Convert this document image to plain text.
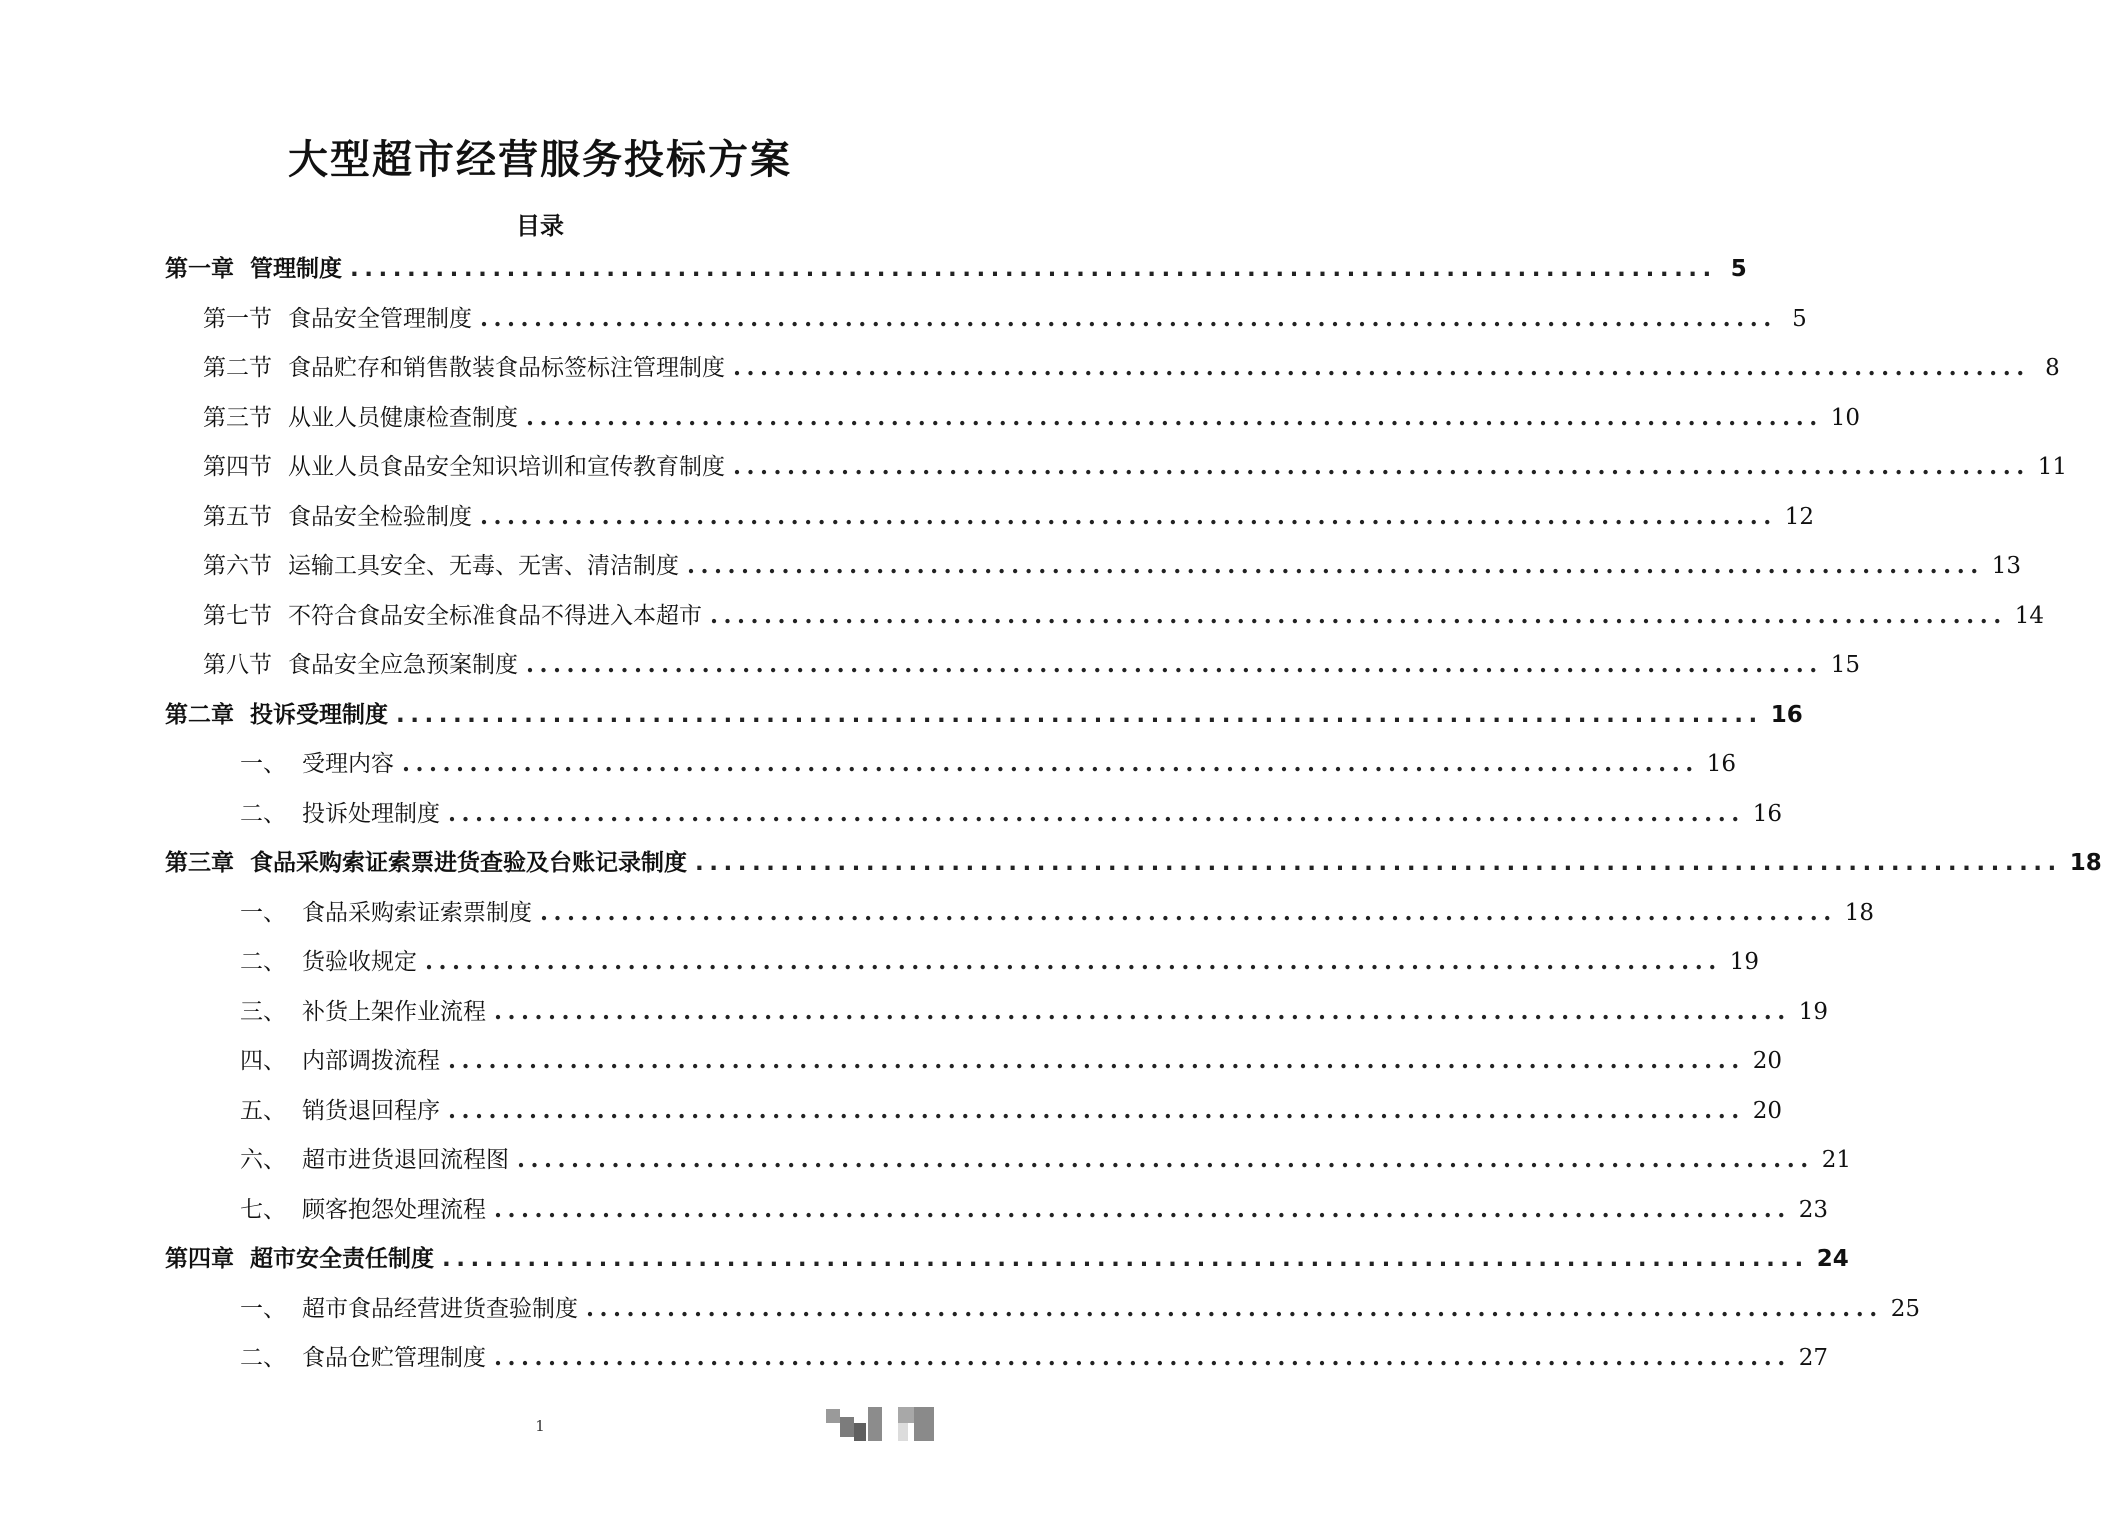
大型超市经营服务投标方案
目录
第一章 管理制度 ................................................................................................ 5
第一节 食品安全管理制度 ................................................................................................ 5
第二节 食品贮存和销售散装食品标签标注管理制度 ................................................................................................ 8
第三节 从业人员健康检查制度 ................................................................................................ 10
第四节 从业人员食品安全知识培训和宣传教育制度 ................................................................................................ 11
第五节 食品安全检验制度 ................................................................................................ 12
第六节 运输工具安全、无毒、无害、清洁制度 ................................................................................................ 13
第七节 不符合食品安全标准食品不得进入本超市 ................................................................................................ 14
第八节 食品安全应急预案制度 ................................................................................................ 15
第二章 投诉受理制度 ................................................................................................ 16
一、 受理内容 ................................................................................................ 16
二、 投诉处理制度 ................................................................................................ 16
第三章 食品采购索证索票进货查验及台账记录制度 ................................................................................................ 18
一、 食品采购索证索票制度 ................................................................................................ 18
二、 货验收规定 ................................................................................................ 19
三、 补货上架作业流程 ................................................................................................ 19
四、 内部调拨流程 ................................................................................................ 20
五、 销货退回程序 ................................................................................................ 20
六、 超市进货退回流程图 ................................................................................................ 21
七、 顾客抱怨处理流程 ................................................................................................ 23
第四章 超市安全责任制度 ................................................................................................ 24
一、 超市食品经营进货查验制度 ................................................................................................ 25
二、 食品仓贮管理制度 ................................................................................................ 27
1
